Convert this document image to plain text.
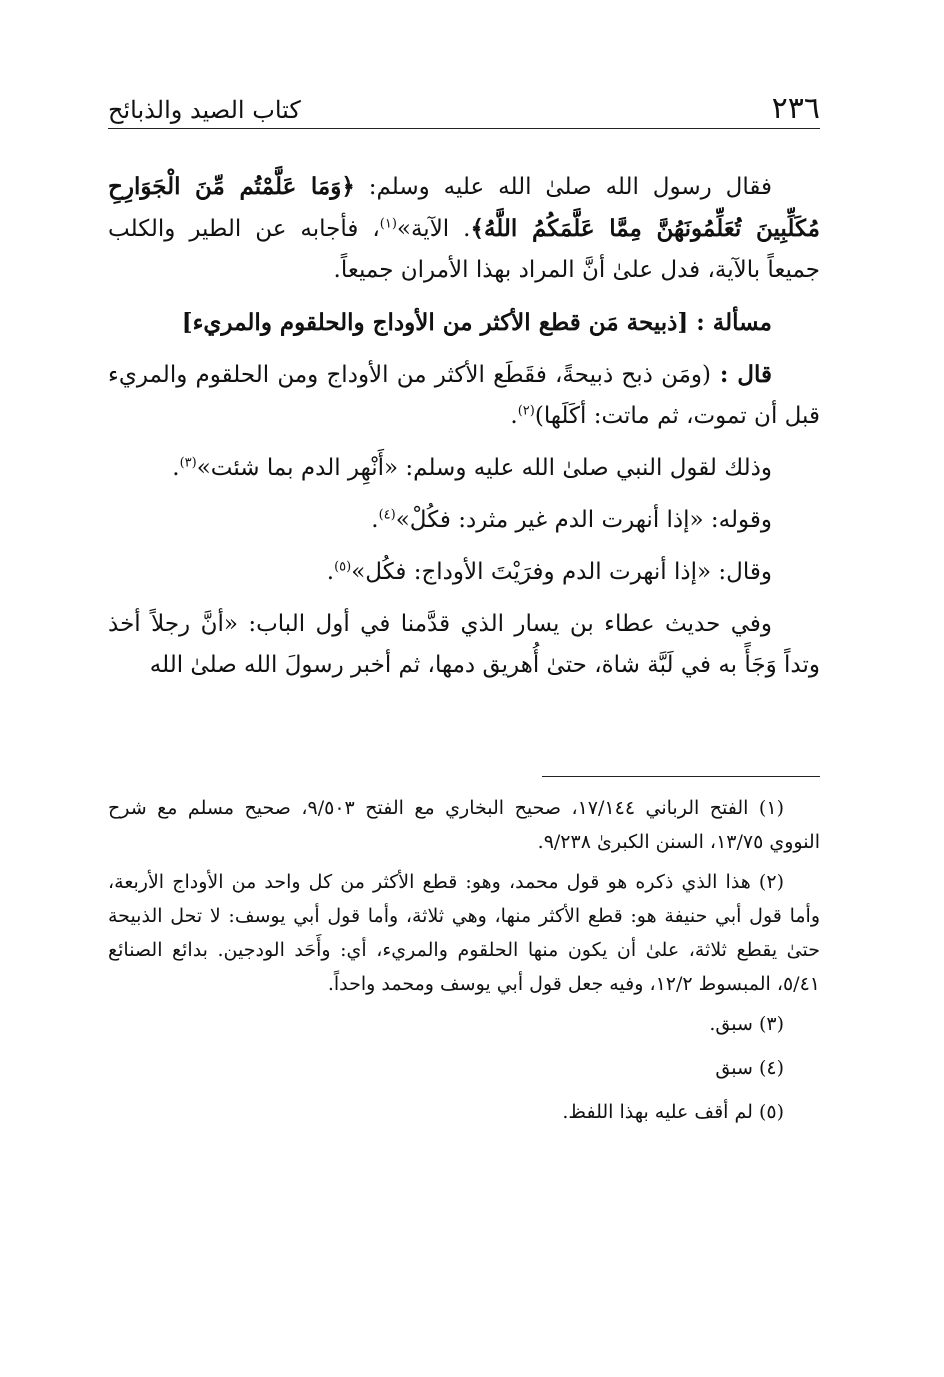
٢٣٦
كتاب الصيد والذبائح

فقال رسول الله صلىٰ الله عليه وسلم: ﴿وَمَا عَلَّمْتُم مِّنَ الْجَوَارِحِ مُكَلِّبِينَ تُعَلِّمُونَهُنَّ مِمَّا عَلَّمَكُمُ اللَّهُ﴾. الآية»$^{(١)}$، فأجابه عن الطير والكلب جميعاً بالآية، فدل علىٰ أنَّ المراد بهذا الأمران جميعاً.

مسألة : [ذبيحة مَن قطع الأكثر من الأوداج والحلقوم والمريء]

قال : (ومَن ذبح ذبيحةً، فقَطَع الأكثر من الأوداج ومن الحلقوم والمريء قبل أن تموت، ثم ماتت: أكَلَها)$^{(٢)}$.

وذلك لقول النبي صلىٰ الله عليه وسلم: «أَنْهِر الدم بما شئت»$^{(٣)}$.

وقوله: «إذا أنهرت الدم غير مثرد: فكُلْ»$^{(٤)}$.

وقال: «إذا أنهرت الدم وفرَيْتَ الأوداج: فكُل»$^{(٥)}$.

وفي حديث عطاء بن يسار الذي قدَّمنا في أول الباب: «أنَّ رجلاً أخذ وتداً وَجَأً به في لَبَّة شاة، حتىٰ أُهريق دمها، ثم أخبر رسولَ الله صلىٰ الله

(١) الفتح الرباني ١٧/١٤٤، صحيح البخاري مع الفتح ٩/٥٠٣، صحيح مسلم مع شرح النووي ١٣/٧٥، السنن الكبرىٰ ٩/٢٣٨.

(٢) هذا الذي ذكره هو قول محمد، وهو: قطع الأكثر من كل واحد من الأوداج الأربعة، وأما قول أبي حنيفة هو: قطع الأكثر منها، وهي ثلاثة، وأما قول أبي يوسف: لا تحل الذبيحة حتىٰ يقطع ثلاثة، علىٰ أن يكون منها الحلقوم والمريء، أي: وأَحَد الودجين. بدائع الصنائع ٥/٤١، المبسوط ١٢/٢، وفيه جعل قول أبي يوسف ومحمد واحداً.

(٣) سبق.

(٤) سبق

(٥) لم أقف عليه بهذا اللفظ.
